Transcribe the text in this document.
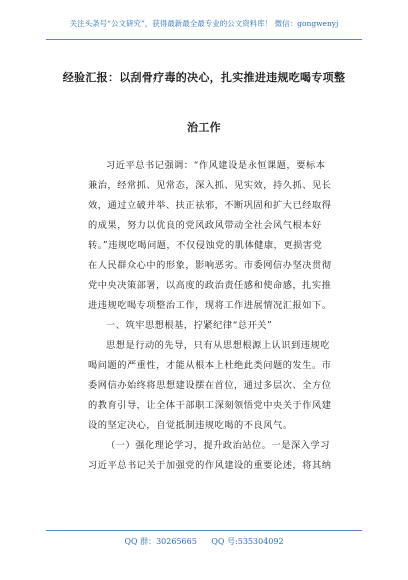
关注头条号“公文研究”，获得最新最全最专业的公文资料库！ 微信：gongwenyj
经验汇报：以刮骨疗毒的决心，扎实推进违规吃喝专项整
治工作
习近平总书记强调：“作风建设是永恒课题，要标本
兼治，经常抓、见常态，深入抓、见实效，持久抓、见长
效，通过立破并举、扶正祛邪，不断巩固和扩大已经取得
的成果，努力以优良的党风政风带动全社会风气根本好
转。”违规吃喝问题，不仅侵蚀党的肌体健康，更损害党
在人民群众心中的形象，影响恶劣。市委网信办坚决贯彻
党中央决策部署，以高度的政治责任感和使命感，扎实推
进违规吃喝专项整治工作，现将工作进展情况汇报如下。
一、筑牢思想根基，拧紧纪律“总开关”
思想是行动的先导，只有从思想根源上认识到违规吃
喝问题的严重性，才能从根本上杜绝此类问题的发生。市
委网信办始终将思想建设摆在首位，通过多层次、全方位
的教育引导，让全体干部职工深刻领悟党中央关于作风建
设的坚定决心，自觉抵制违规吃喝的不良风气。
（一）强化理论学习，提升政治站位。一是深入学习
习近平总书记关于加强党的作风建设的重要论述，将其纳
QQ 群：30265665 QQ 号:535304092
